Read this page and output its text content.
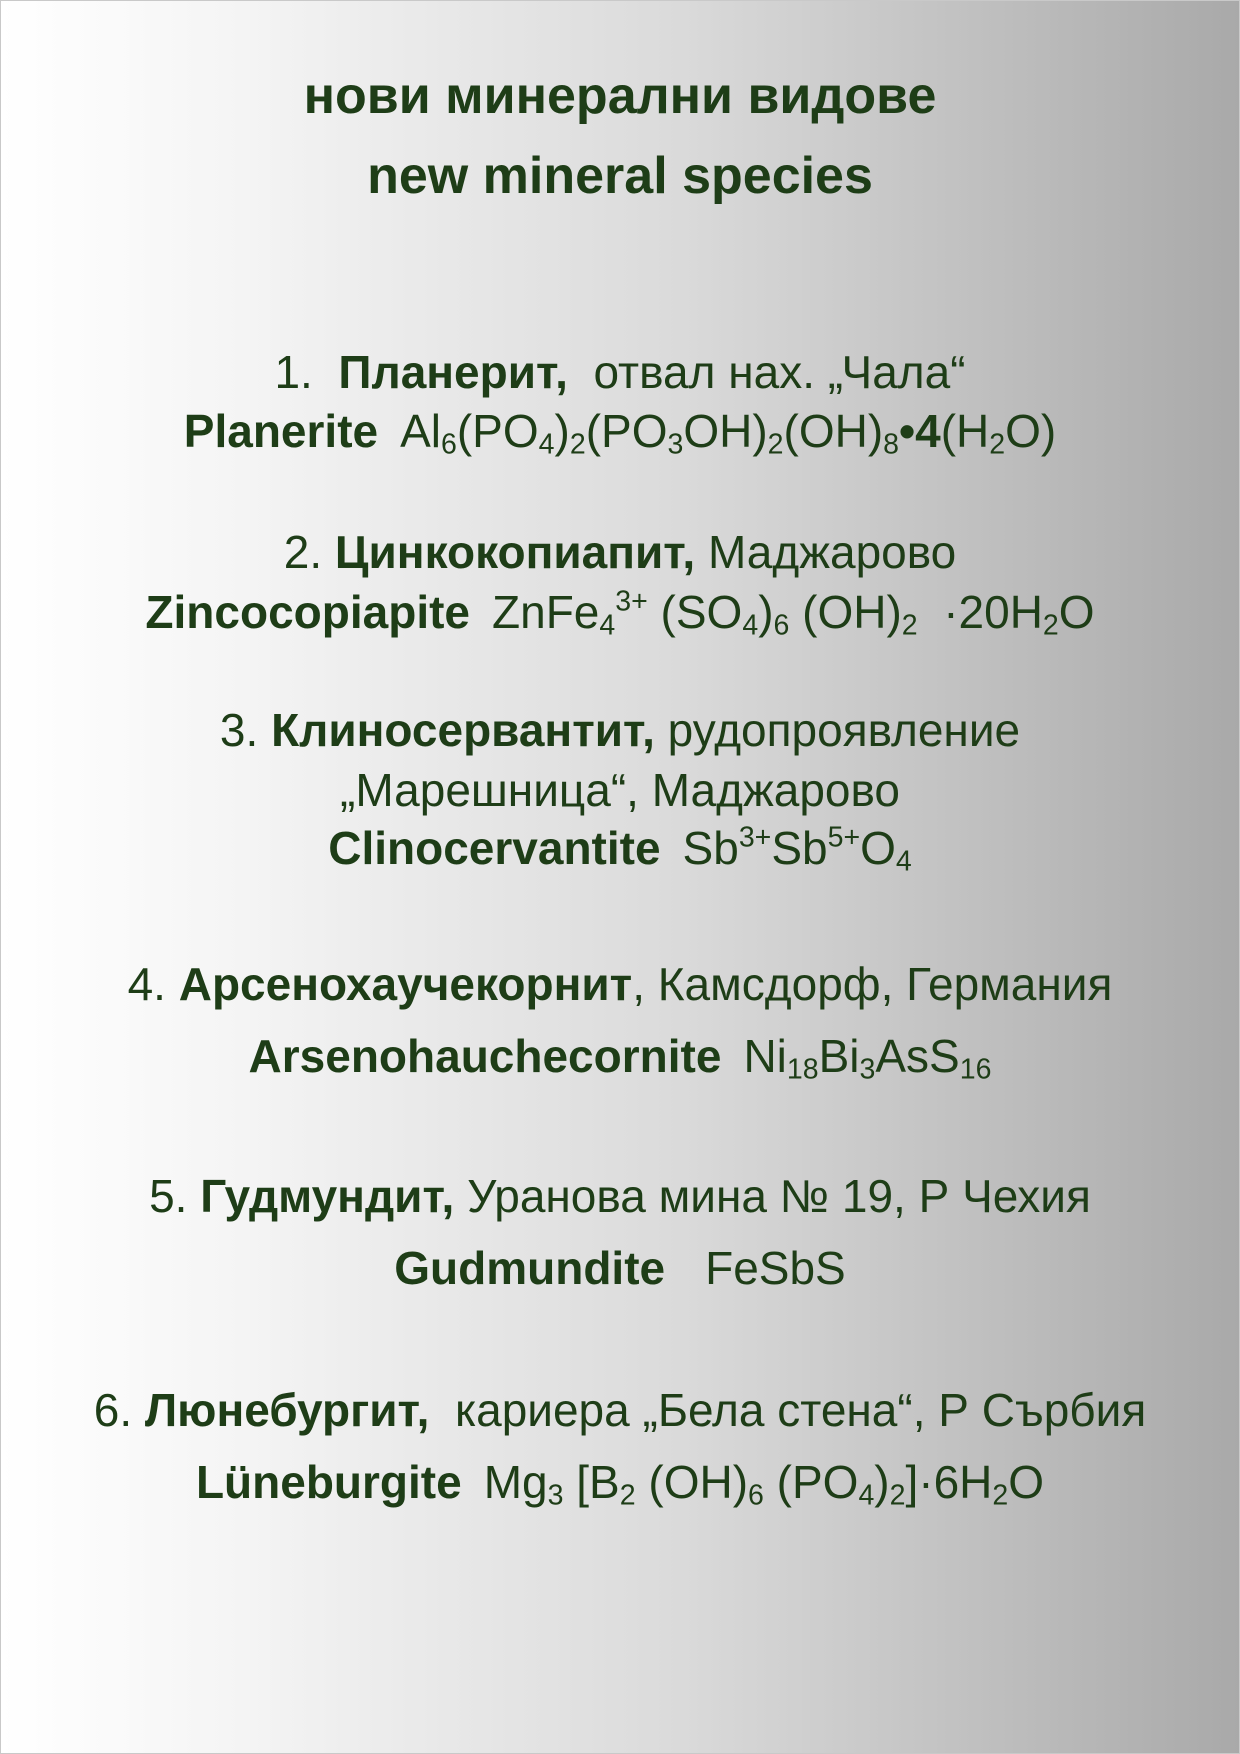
нови минерални видове
new mineral species
1. Планерит, отвал нах. „Чала“
Planerite $Al_6(PO_4)_2(PO_3OH)_2(OH)_8•4(H_2O)$
2. Цинкокопиапит, Маджарово
Zincocopiapite ZnFe$_4^{3+}$ $(SO_4)_6$ $(OH)_2 \cdot 20H_2O$
3. Клиносервантит, рудопроявление
„Марешница“, Маджарово
Clinocervantite $Sb^{3+}Sb^{5+}O_4$
4. Арсенохаучекорнит, Камсдорф, Германия
Arsenohauchecornite $Ni_{18}Bi_3AsS_{16}$
5. Гудмундит, Уранова мина № 19, Р Чехия
Gudmundite FeSbS
6. Люнебургит, кариера „Бела стена“, Р Сърбия
Lüneburgite $Mg_3$ [$B_2$ $(OH)_6$ $(PO_4)_2]\cdot 6H_2O$
